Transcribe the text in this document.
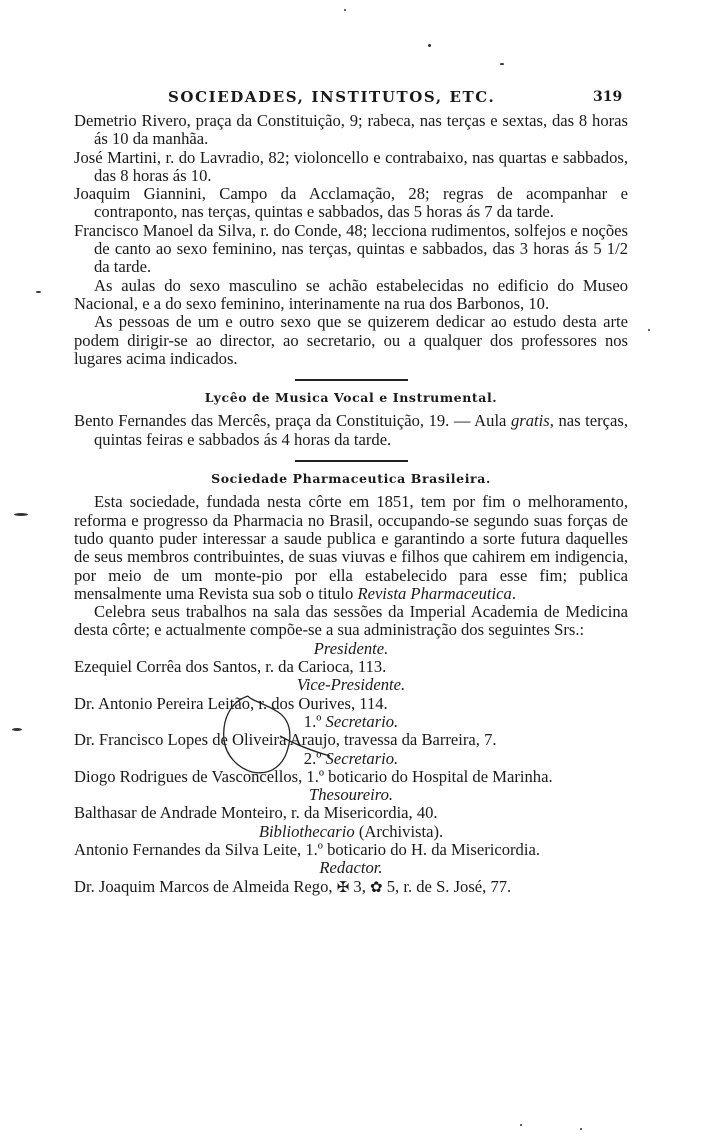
SOCIEDADES, INSTITUTOS, ETC.	319

Demetrio Rivero, praça da Constituição, 9; rabeca, nas terças e sextas, das 8 horas ás 10 da manhãa.

José Martini, r. do Lavradio, 82; violoncello e contrabaixo, nas quartas e sabbados, das 8 horas ás 10.

Joaquim Giannini, Campo da Acclamação, 28; regras de acompanhar e contraponto, nas terças, quintas e sabbados, das 5 horas ás 7 da tarde.

Francisco Manoel da Silva, r. do Conde, 48; lecciona rudimentos, solfejos e noções de canto ao sexo feminino, nas terças, quintas e sabbados, das 3 horas ás 5 1/2 da tarde.

As aulas do sexo masculino se achão estabelecidas no edificio do Museo Nacional, e a do sexo feminino, interinamente na rua dos Barbonos, 10.

As pessoas de um e outro sexo que se quizerem dedicar ao estudo desta arte podem dirigir-se ao director, ao secretario, ou a qualquer dos professores nos lugares acima indicados.

Lycêo de Musica Vocal e Instrumental.

Bento Fernandes das Mercês, praça da Constituição, 19. — Aula gratis, nas terças, quintas feiras e sabbados ás 4 horas da tarde.

Sociedade Pharmaceutica Brasileira.

Esta sociedade, fundada nesta côrte em 1851, tem por fim o melhoramento, reforma e progresso da Pharmacia no Brasil, occupando-se segundo suas forças de tudo quanto puder interessar a saude publica e garantindo a sorte futura daquelles de seus membros contribuintes, de suas viuvas e filhos que cahirem em indigencia, por meio de um monte-pio por ella estabelecido para esse fim; publica mensalmente uma Revista sua sob o titulo Revista Pharmaceutica.

Celebra seus trabalhos na sala das sessões da Imperial Academia de Medicina desta côrte; e actualmente compõe-se a sua administração dos seguintes Srs.:

Presidente.

Ezequiel Corrêa dos Santos, r. da Carioca, 113.

Vice-Presidente.

Dr. Antonio Pereira Leitão, r. dos Ourives, 114.

1.º Secretario.

Dr. Francisco Lopes de Oliveira Araujo, travessa da Barreira, 7.

2.º Secretario.

Diogo Rodrigues de Vasconcellos, 1.º boticario do Hospital de Marinha.

Thesoureiro.

Balthasar de Andrade Monteiro, r. da Misericordia, 40.

Bibliothecario (Archivista).

Antonio Fernandes da Silva Leite, 1.º boticario do H. da Misericordia.

Redactor.

Dr. Joaquim Marcos de Almeida Rego, ✠ 3, ✿ 5, r. de S. José, 77.
